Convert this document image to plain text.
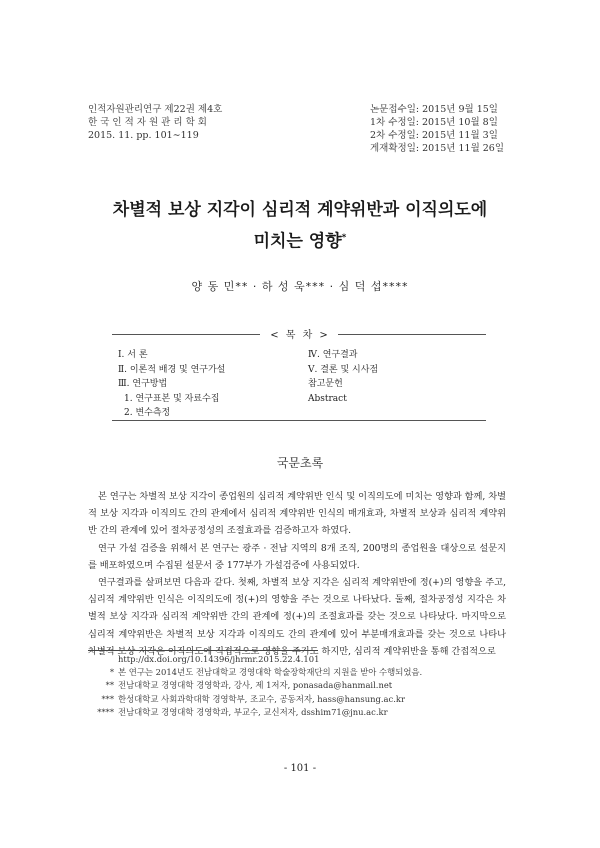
인적자원관리연구 제22권 제4호
한 국 인 적 자 원 관 리 학 회
2015. 11. pp. 101∼119
논문접수일: 2015년 9월 15일
1차 수정일: 2015년 10월 8일
2차 수정일: 2015년 11월 3일
게재확정일: 2015년 11월 26일
차별적 보상 지각이 심리적 계약위반과 이직의도에
미치는 영향*
양 동 민** · 하 성 욱*** · 심 덕 섭****
< 목 차 >
Ⅰ. 서 론
Ⅱ. 이론적 배경 및 연구가설
Ⅲ. 연구방법
1. 연구표본 및 자료수집
2. 변수측정
Ⅳ. 연구결과
Ⅴ. 결론 및 시사점
참고문헌
Abstract
국문초록

본 연구는 차별적 보상 지각이 종업원의 심리적 계약위반 인식 및 이직의도에 미치는 영향과 함께, 차별적 보상 지각과 이직의도 간의 관계에서 심리적 계약위반 인식의 매개효과, 차별적 보상과 심리적 계약위반 간의 관계에 있어 절차공정성의 조절효과를 검증하고자 하였다.

연구 가설 검증을 위해서 본 연구는 광주 · 전남 지역의 8개 조직, 200명의 종업원을 대상으로 설문지를 배포하였으며 수집된 설문서 중 177부가 가설검증에 사용되었다.

연구결과를 살펴보면 다음과 같다. 첫째, 차별적 보상 지각은 심리적 계약위반에 정(+)의 영향을 주고, 심리적 계약위반 인식은 이직의도에 정(+)의 영향을 주는 것으로 나타났다. 둘째, 절차공정성 지각은 차별적 보상 지각과 심리적 계약위반 간의 관계에 정(+)의 조절효과를 갖는 것으로 나타났다. 마지막으로 심리적 계약위반은 차별적 보상 지각과 이직의도 간의 관계에 있어 부분매개효과를 갖는 것으로 나타나 차별적 보상 지각은 이직의도에 직접적으로 영향을 주기도 하지만, 심리적 계약위반을 통해 간접적으로

http://dx.doi.org/10.14396/jhrmr.2015.22.4.101
* 본 연구는 2014년도 전남대학교 경영대학 학술장학재단의 지원을 받아 수행되었음.
** 전남대학교 경영대학 경영학과, 강사, 제 1저자, ponasada@hanmail.net
*** 한성대학교 사회과학대학 경영학부, 조교수, 공동저자, hass@hansung.ac.kr
**** 전남대학교 경영대학 경영학과, 부교수, 교신저자, dsshim71@jnu.ac.kr
- 101 -
